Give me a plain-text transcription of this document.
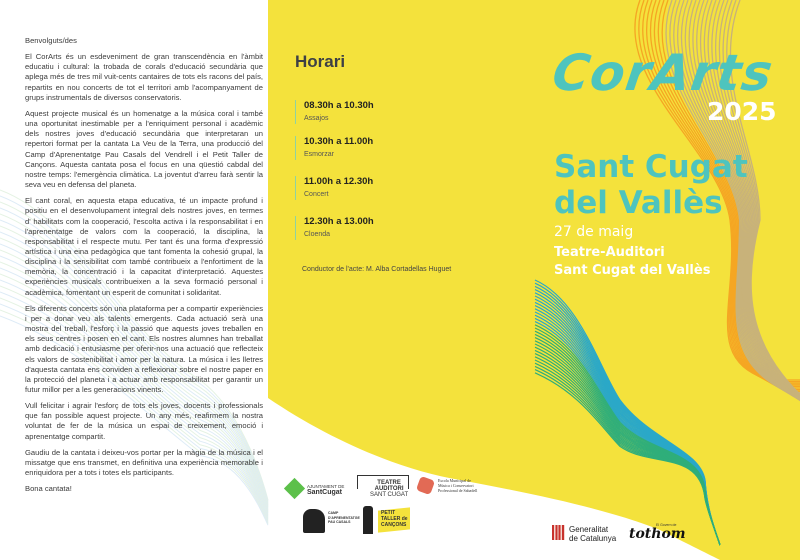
Benvolguts/des

El CorArts és un esdeveniment de gran transcendència en l'àmbit educatiu i cultural: la trobada de corals d'educació secundària que aplega més de tres mil vuit-cents cantaires de tots els racons del país, repartits en nou concerts de tot el territori amb l'acompanyament de grups instrumentals de diversos conservatoris.

Aquest projecte musical és un homenatge a la música coral i també una oportunitat inestimable per a l'enriquiment personal i acadèmic dels nostres joves d'educació secundària que interpretaran un repertori format per la cantata La Veu de la Terra, una producció del Camp d'Aprenentatge Pau Casals del Vendrell i el Petit Taller de Cançons. Aquesta cantata posa el focus en una qüestió cabdal del nostre temps: l'emergència climàtica. La joventut d'arreu farà sentir la seva veu en defensa del planeta.

El cant coral, en aquesta etapa educativa, té un impacte profund i positiu en el desenvolupament integral dels nostres joves, en termes d' habilitats com la cooperació, l'escolta activa i la responsabilitat i en l'aprenentatge de valors com la cooperació, la disciplina, la responsabilitat i el respecte mutu. Per tant és una forma d'expressió artística i una eina pedagògica que tant fomenta la cohesió grupal, la disciplina i la sensibilitat com també contribueix a l'enfortiment de la memòria, la concentració i la capacitat d'interpretació. Aquestes experiències musicals contribueixen a la seva formació personal i acadèmica, fomentant un esperit de comunitat i solidaritat.

Els diferents concerts són una plataforma per a compartir experiències i per a donar veu als talents emergents. Cada actuació serà una mostra del treball, l'esforç i la passió que aquests joves treballen en els seus centres i posen en el cant. Els nostres alumnes han treballat amb dedicació i entusiasme per oferir-nos una actuació que reflecteix els valors de sostenibilitat i amor per la natura. La música i les lletres d'aquesta cantata ens conviden a reflexionar sobre el nostre paper en la protecció del planeta i a actuar amb responsabilitat per garantir un futur millor per a les generacions vinents.

Vull felicitar i agrair l'esforç de tots els joves, docents i professionals que fan possible aquest projecte. Un any més, reafirmem la nostra voluntat de fer de la música un espai de creixement, emoció i aprenentatge compartit.

Gaudiu de la cantata i deixeu-vos portar per la màgia de la música i el missatge que ens transmet, en definitiva una experiència memorable i enriquidora per a tots i totes els participants.

Bona cantata!

Horari
08.30h a 10.30h
Assajos
10.30h a 11.00h
Esmorzar
11.00h a 12.30h
Concert
12.30h a 13.00h
Cloenda
Conductor de l'acte: M. Alba Cortadellas Huguet
CorArts
2025
Sant Cugat
del Vallès
27 de maig
Teatre-Auditori
Sant Cugat del Vallès
AJUNTAMENT DE
SantCugat
TEATRE
AUDITORI
SANT CUGAT
Escola Municipal de
Música i Conservatori
Professional de Sabadell
CAMP
D'APRENENTATGE
PAU CASALS
PETIT
TALLER de
CANÇONS	Generalitat
de Catalunya
El Govern de
tothom
